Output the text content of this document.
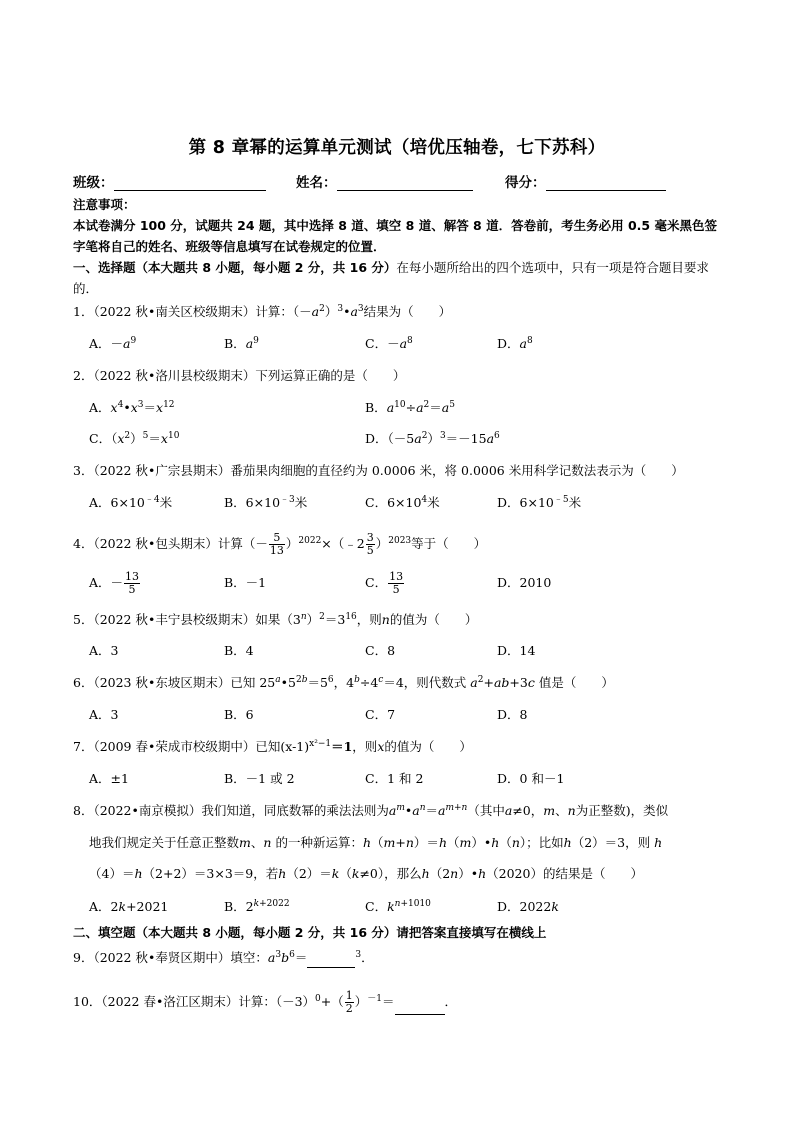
第 8 章幂的运算单元测试（培优压轴卷，七下苏科）
班级：	姓名：	得分：
注意事项：
本试卷满分 100 分，试题共 24 题，其中选择 8 道、填空 8 道、解答 8 道．答卷前，考生务必用 0.5 毫米黑色签字笔将自己的姓名、班级等信息填写在试卷规定的位置．
一、选择题（本大题共 8 小题，每小题 2 分，共 16 分）在每小题所给出的四个选项中，只有一项是符合题目要求的．
1．（2022 秋•南关区校级期末）计算：$(-a^2)^3•a^3$结果为（　　）
A．$-a^9$	B．$a^9$	C．$-a^8$	D．$a^8$
2．（2022 秋•洛川县校级期末）下列运算正确的是（　　）
A．$x^4•x^3=x^{12}$	B．$a^{10}\div a^2=a^5$
C．$(x^2)^5=x^{10}$	D．$(-5a^2)^3=-15a^6$
3．（2022 秋•广宗县期末）番茄果肉细胞的直径约为 0.0006 米，将 0.0006 米用科学记数法表示为（　　）
A．$6\times 10^{﹣4}$米	B．$6\times 10^{﹣3}$米	C．$6\times 10^4$米	D．$6\times 10^{﹣5}$米
4．（2022 秋•包头期末）计算（－ $\frac{5}{13}$ ）$^{2022}$×（﹣2 $\frac{3}{5} )^{2023}$等于（　　）
A．－ $\frac{13}{5}$	B．－1	C． $\frac{13}{5}$	D．2010
5．（2022 秋•丰宁县校级期末）如果$(3^n)^2=3^{16}$，则n的值为（　　）
A．3	B．4	C．8	D．14
6．（2023 秋•东坡区期末）已知 $25^a•5^{2b}=5^6$，$4^b\div 4^c=4$，则代数式 $a^2+ab+3c$ 值是（　　）
A．3	B．6	C．7	D．8
7．（2009 春•荣成市校级期中）已知$(x-1)^{x^2-1}=1$，则x的值为（　　）
A．±1	B．－1 或 2	C．1 和 2	D．0 和－1
8．（2022•南京模拟）我们知道，同底数幂的乘法法则为$a^m•a^n=a^{m+n}$（其中a≠0，m、n为正整数)，类似
地我们规定关于任意正整数m、n 的一种新运算：h（m+n）＝h（m）•h（n）；比如h（2）＝3，则 h
（4）＝h（2+2）＝3×3＝9，若h（2）＝k（k≠0），那么h（2n）•h（2020）的结果是（　　）
A．2k+2021	B．$2^{k+2022}$	C．$k^{n+1010}$	D．2022k
二、填空题（本大题共 8 小题，每小题 2 分，共 16 分）请把答案直接填写在横线上
9．（2022 秋•奉贤区期中）填空：$a^3b^6=$	$^3$．
10．（2022 春•洛江区期末）计算：$(-3)^0+( \frac{1}{2} )^{-1}=$	．
